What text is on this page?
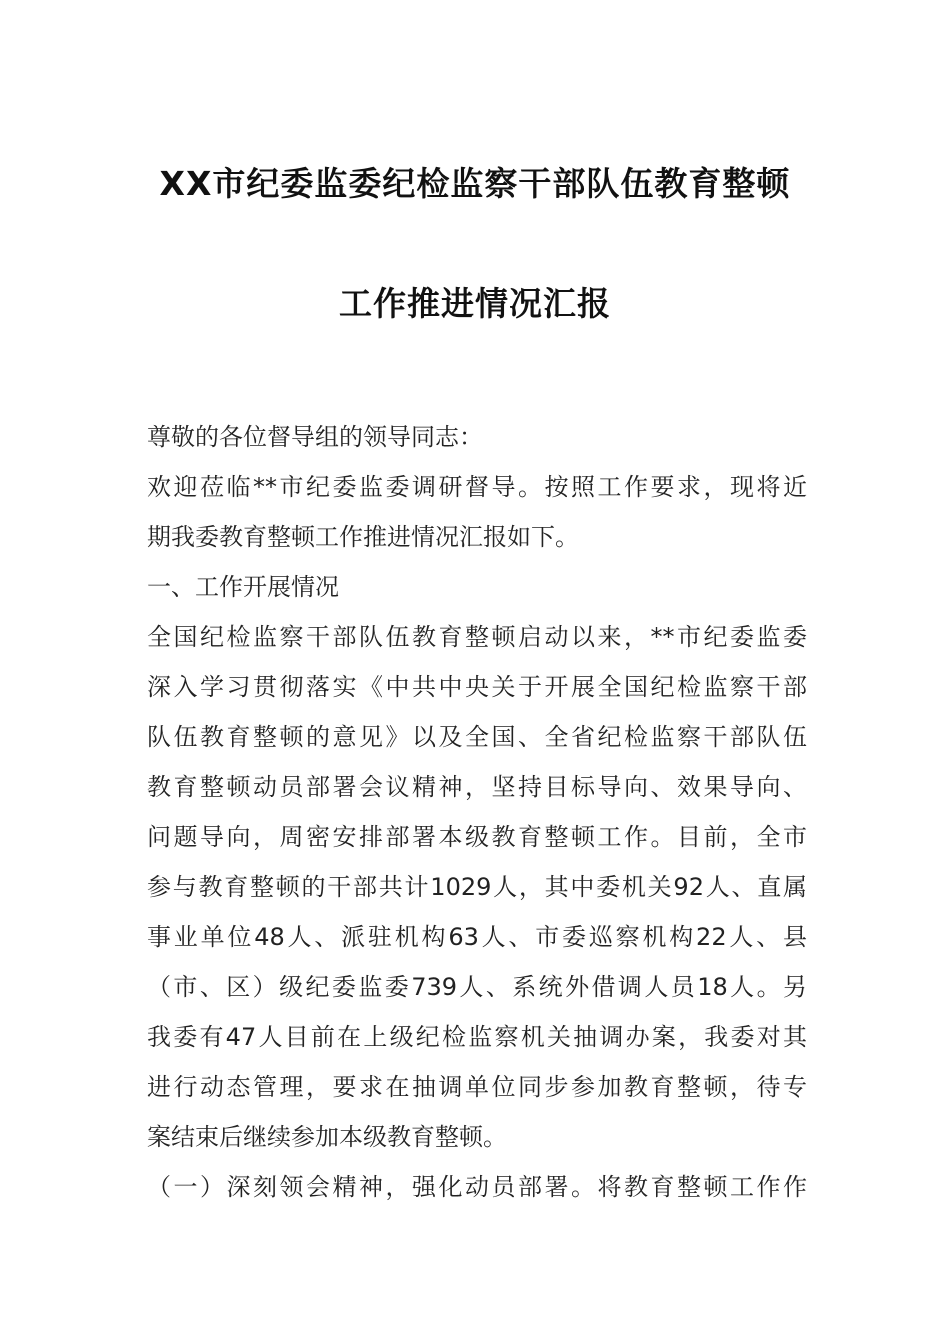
XX市纪委监委纪检监察干部队伍教育整顿
工作推进情况汇报
尊敬的各位督导组的领导同志：
欢迎莅临**市纪委监委调研督导。按照工作要求，现将近
期我委教育整顿工作推进情况汇报如下。
一、工作开展情况
全国纪检监察干部队伍教育整顿启动以来，**市纪委监委
深入学习贯彻落实《中共中央关于开展全国纪检监察干部
队伍教育整顿的意见》以及全国、全省纪检监察干部队伍
教育整顿动员部署会议精神，坚持目标导向、效果导向、
问题导向，周密安排部署本级教育整顿工作。目前，全市
参与教育整顿的干部共计1029人，其中委机关92人、直属
事业单位48人、派驻机构63人、市委巡察机构22人、县
（市、区）级纪委监委739人、系统外借调人员18人。另
我委有47人目前在上级纪检监察机关抽调办案，我委对其
进行动态管理，要求在抽调单位同步参加教育整顿，待专
案结束后继续参加本级教育整顿。
（一）深刻领会精神，强化动员部署。将教育整顿工作作
